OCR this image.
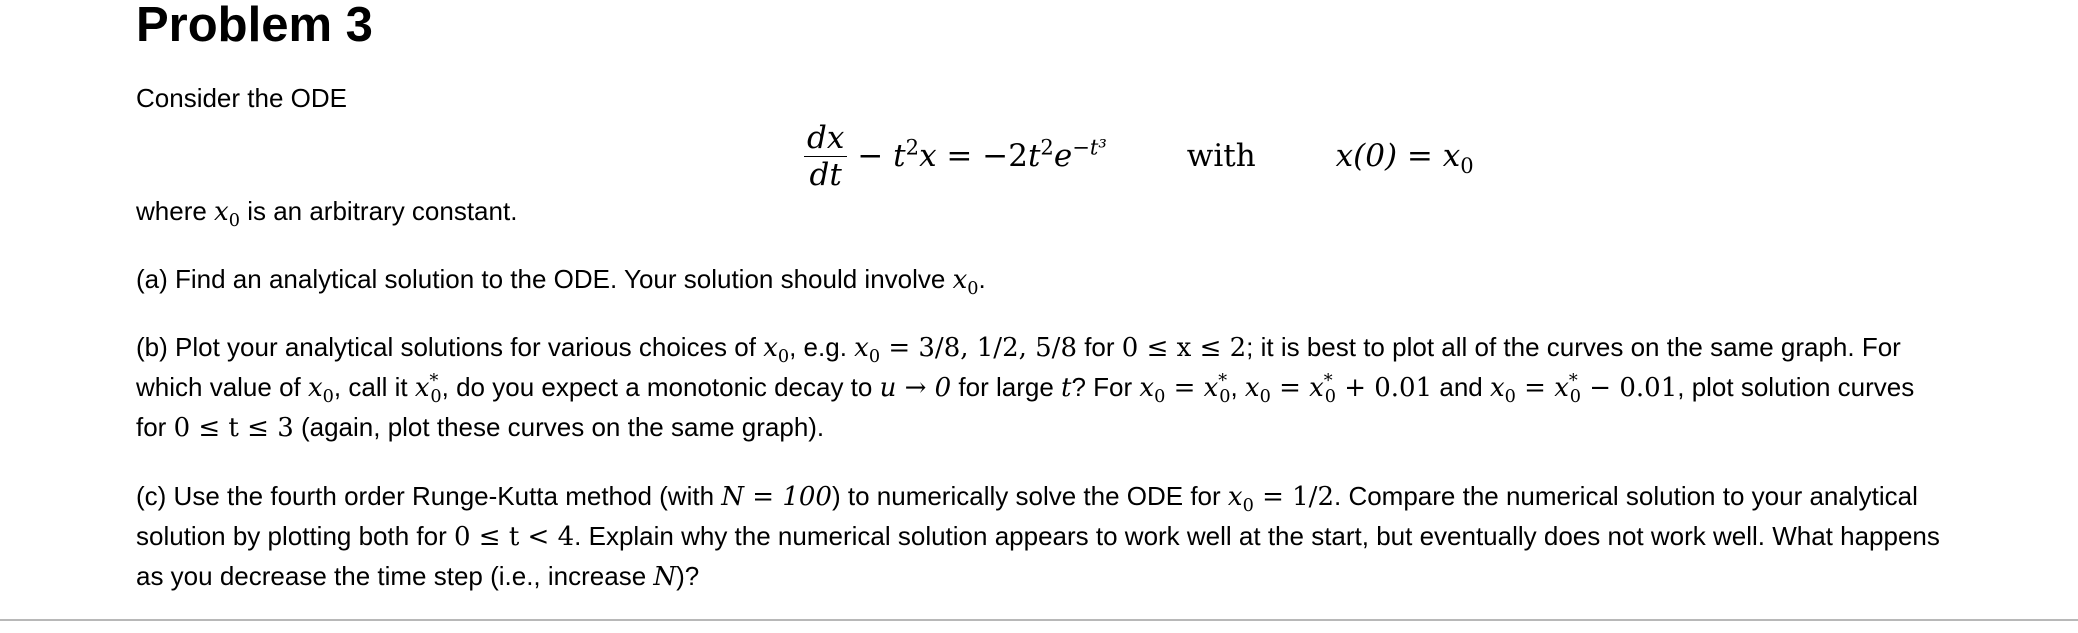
Problem 3
Consider the ODE
$\frac{dx}{dt} - t^2x = -2t^2e^{-t^3}$	with	$x(0) = x_0$
where $x_0$ is an arbitrary constant.
(a) Find an analytical solution to the ODE. Your solution should involve $x_0$.
(b) Plot your analytical solutions for various choices of $x_0$, e.g. $x_0 = 3/8$, 1/2, 5/8 for 0 ≤ x ≤ 2; it is best to plot all of the curves on the same graph. For
which value of $x_0$, call it $x^*_0$, do you expect a monotonic decay to u → 0 for large t? For $x_0 = x^*_0$, $x_0 = x^*_0 + 0.01$ and $x_0 = x^*_0 - 0.01$, plot solution curves
for 0 ≤ t ≤ 3 (again, plot these curves on the same graph).
(c) Use the fourth order Runge-Kutta method (with N = 100) to numerically solve the ODE for $x_0 = 1/2$. Compare the numerical solution to your analytical
solution by plotting both for 0 ≤ t < 4. Explain why the numerical solution appears to work well at the start, but eventually does not work well. What happens
as you decrease the time step (i.e., increase N)?
